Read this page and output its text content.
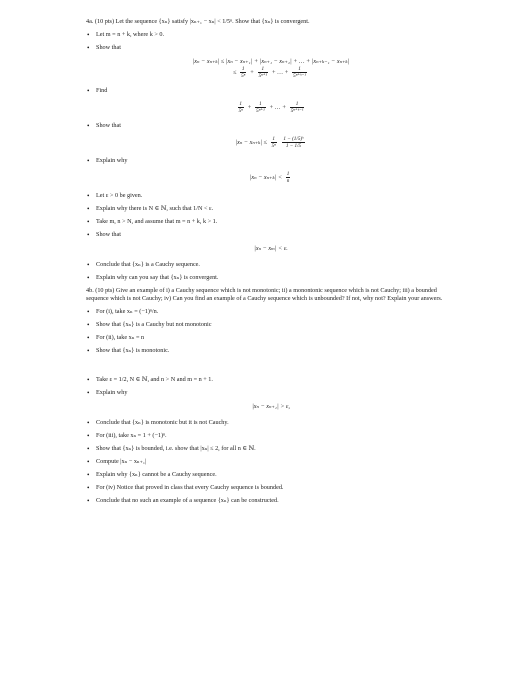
4a. (10 pts) Let the sequence {xₙ} satisfy |xₙ₊₁ − xₙ| < 1/5ⁿ. Show that {xₙ} is convergent.

• Let m = n + k, where k > 0.
• Show that
|xₙ − xₙ₊ₖ| ≤ |xₙ − xₙ₊₁| + |xₙ₊₁ − xₙ₊₂| + … + |xₙ₊ₖ₋₁ − xₙ₊ₖ|
≤ $\frac{1}{\text{5ⁿ}} + \frac{1}{\text{5ⁿ⁺¹}}$ + … + $\frac{1}{\text{5ⁿ⁺ᵏ⁻¹}}$
• Find
$\frac{1}{\text{5ⁿ}} + \frac{1}{\text{5ⁿ⁺¹}}$ + … + $\frac{1}{\text{5ⁿ⁺ᵏ⁻¹}}$
• Show that
$|x_n - x_{n+k}| \le \frac{1}{\text{5ⁿ}}$
$\frac{\text{1 − (1/5)ᵏ}}{1 - 1/5}$
• Explain why
$|x_n - x_{n+k}| < \frac{1}{n}$
• Let ε > 0 be given.
• Explain why there is N ∈ ℕ, such that 1/N < ε.
• Take m, n > N, and assume that m = n + k, k > 1.
• Show that
|xₙ − xₘ| < ε.
• Conclude that {xₙ} is a Cauchy sequence.
• Explain why can you say that {xₙ} is convergent.

4b. (10 pts) Give an example of i) a Cauchy sequence which is not monotonic; ii) a monontonic sequence which is not Cauchy; iii) a bounded sequence which is not Cauchy; iv) Can you find an example of a Cauchy sequence which is unbounded? If not, why not? Explain your answers.

• For (i), take xₙ = (−1)ⁿ/n.
• Show that {xₙ} is a Cauchy but not monotonic
• For (ii), take xₙ = n
• Show that {xₙ} is monotonic.
• Take ε = 1/2, N ∈ ℕ, and n > N and m = n + 1.
• Explain why
|xₙ − xₙ₊₁| > ε,
• Conclude that {xₙ} is monotonic but it is not Cauchy.
• For (iii), take xₙ = 1 + (−1)ⁿ.
• Show that {xₙ} is bounded, i.e. show that |xₙ| ≤ 2, for all n ∈ ℕ.
• Compute |xₙ − xₙ₊₁|
• Explain why {xₙ} cannot be a Cauchy sequence.
• For (iv) Notice that proved in class that every Cauchy sequence is bounded.
• Conclude that no such an example of a sequence {xₙ} can be constructed.
